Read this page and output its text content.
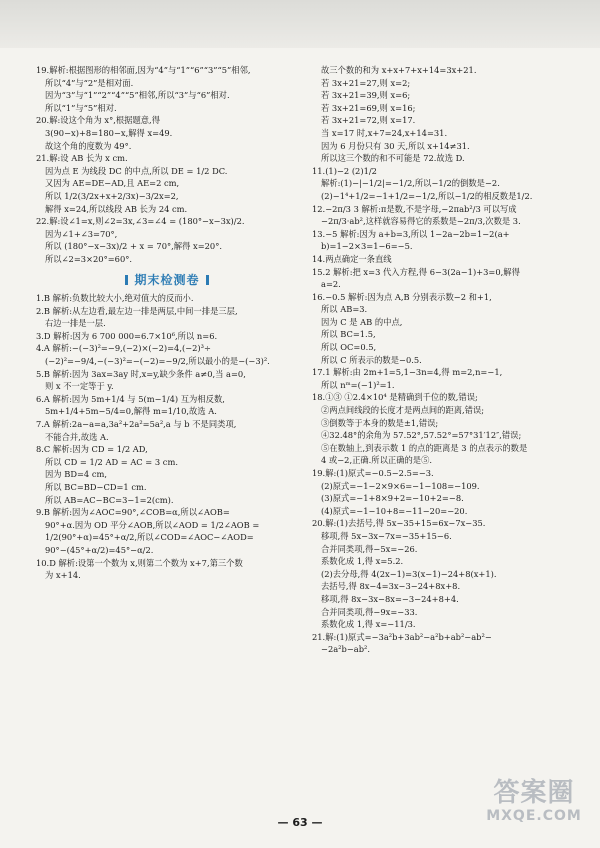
19.解析:根据图形的相邻面,因为“4”与“1”“6”“3”“5”相邻,
所以“4”与“2”是相对面.
因为“3”与“1”“2”“4”“5”相邻,所以“3”与“6”相对.
所以“1”与“5”相对.
20.解:设这个角为 x°,根据题意,得
3(90−x)+8=180−x,解得 x=49.
故这个角的度数为 49°.
21.解:设 AB 长为 x cm.
因为点 E 为线段 DC 的中点,所以 DE = 1/2 DC.
又因为 AE=DE−AD,且 AE=2 cm,
所以 1/2(3/2x+x+2/3x)−3/2x=2,
解得 x=24,所以线段 AB 长为 24 cm.
22.解:设∠1=x,则∠2=3x,∠3=∠4 = (180°−x−3x)/2.
因为∠1+∠3=70°,
所以 (180°−x−3x)/2 + x = 70°,解得 x=20°.
所以∠2=3×20°=60°.
期末检测卷
1.B 解析:负数比较大小,绝对值大的反而小.
2.B 解析:从左边看,最左边一排是两层,中间一排是三层,
右边一排是一层.
3.D 解析:因为 6 700 000=6.7×10⁶,所以 n=6.
4.A 解析:−(−3)²=−9,(−2)×(−2)=4,(−2)³÷
(−2)²=−9/4,−(−3)²=−(−2)=−9/2,所以最小的是−(−3)².
5.B 解析:因为 3ax=3ay 时,x=y,缺少条件 a≠0,当 a=0,
则 x 不一定等于 y.
6.A 解析:因为 5m+1/4 与 5(m−1/4) 互为相反数,
5m+1/4+5m−5/4=0,解得 m=1/10,故选 A.
7.A 解析:2a−a=a,3a²+2a²=5a²,a 与 b 不是同类项,
不能合并,故选 A.
8.C 解析:因为 CD = 1/2 AD,
所以 CD = 1/2 AD = AC = 3 cm.
因为 BD=4 cm,
所以 BC=BD−CD=1 cm.
所以 AB=AC−BC=3−1=2(cm).
9.B 解析:因为∠AOC=90°,∠COB=α,所以∠AOB=
90°+α.因为 OD 平分∠AOB,所以∠AOD = 1/2∠AOB =
1/2(90°+α)=45°+α/2,所以∠COD=∠AOC−∠AOD=
90°−(45°+α/2)=45°−α/2.
10.D 解析:设第一个数为 x,则第二个数为 x+7,第三个数
为 x+14.
故三个数的和为 x+x+7+x+14=3x+21.
若 3x+21=27,则 x=2;
若 3x+21=39,则 x=6;
若 3x+21=69,则 x=16;
若 3x+21=72,则 x=17.
当 x=17 时,x+7=24,x+14=31.
因为 6 月份只有 30 天,所以 x+14≠31.
所以这三个数的和不可能是 72.故选 D.
11.(1)−2 (2)1/2
解析:(1)−|−1/2|=−1/2,所以−1/2的倒数是−2.
(2)−1⁴+1/2=−1+1/2=−1/2,所以−1/2的相反数是1/2.
12.−2π/3 3 解析:π是数,不是字母,−2πab²/3 可以写成
−2π/3·ab²,这样就容易得它的系数是−2π/3,次数是 3.
13.−5 解析:因为 a+b=3,所以 1−2a−2b=1−2(a+
b)=1−2×3=1−6=−5.
14.两点确定一条直线
15.2 解析:把 x=3 代入方程,得 6−3(2a−1)+3=0,解得
a=2.
16.−0.5 解析:因为点 A,B 分别表示数−2 和+1,
所以 AB=3.
因为 C 是 AB 的中点,
所以 BC=1.5,
所以 OC=0.5,
所以 C 所表示的数是−0.5.
17.1 解析:由 2m+1=5,1−3n=4,得 m=2,n=−1,
所以 nᵐ=(−1)²=1.
18.①③ ①2.4×10⁴ 是精确到千位的数,错误;
②两点间线段的长度才是两点间的距离,错误;
③倒数等于本身的数是±1,错误;
④32.48°的余角为 57.52°,57.52°=57°31′12″,错误;
⑤在数轴上,到表示数 1 的点的距离是 3 的点表示的数是
4 或−2,正确.所以正确的是⑤.
19.解:(1)原式=−0.5−2.5=−3.
(2)原式=−1−2×9×6=−1−108=−109.
(3)原式=−1+8×9+2=−10+2=−8.
(4)原式=−1−10+8=−11−20=−20.
20.解:(1)去括号,得 5x−35+15=6x−7x−35.
移项,得 5x−3x−7x=−35+15−6.
合并同类项,得−5x=−26.
系数化成 1,得 x=5.2.
(2)去分母,得 4(2x−1)=3(x−1)−24+8(x+1).
去括号,得 8x−4=3x−3−24+8x+8.
移项,得 8x−3x−8x=−3−24+8+4.
合并同类项,得−9x=−33.
系数化成 1,得 x=−11/3.
21.解:(1)原式=−3a²b+3ab²−a²b+ab²−ab²−
−2a²b−ab².
— 63 —
答案圈
MXQE.COM
